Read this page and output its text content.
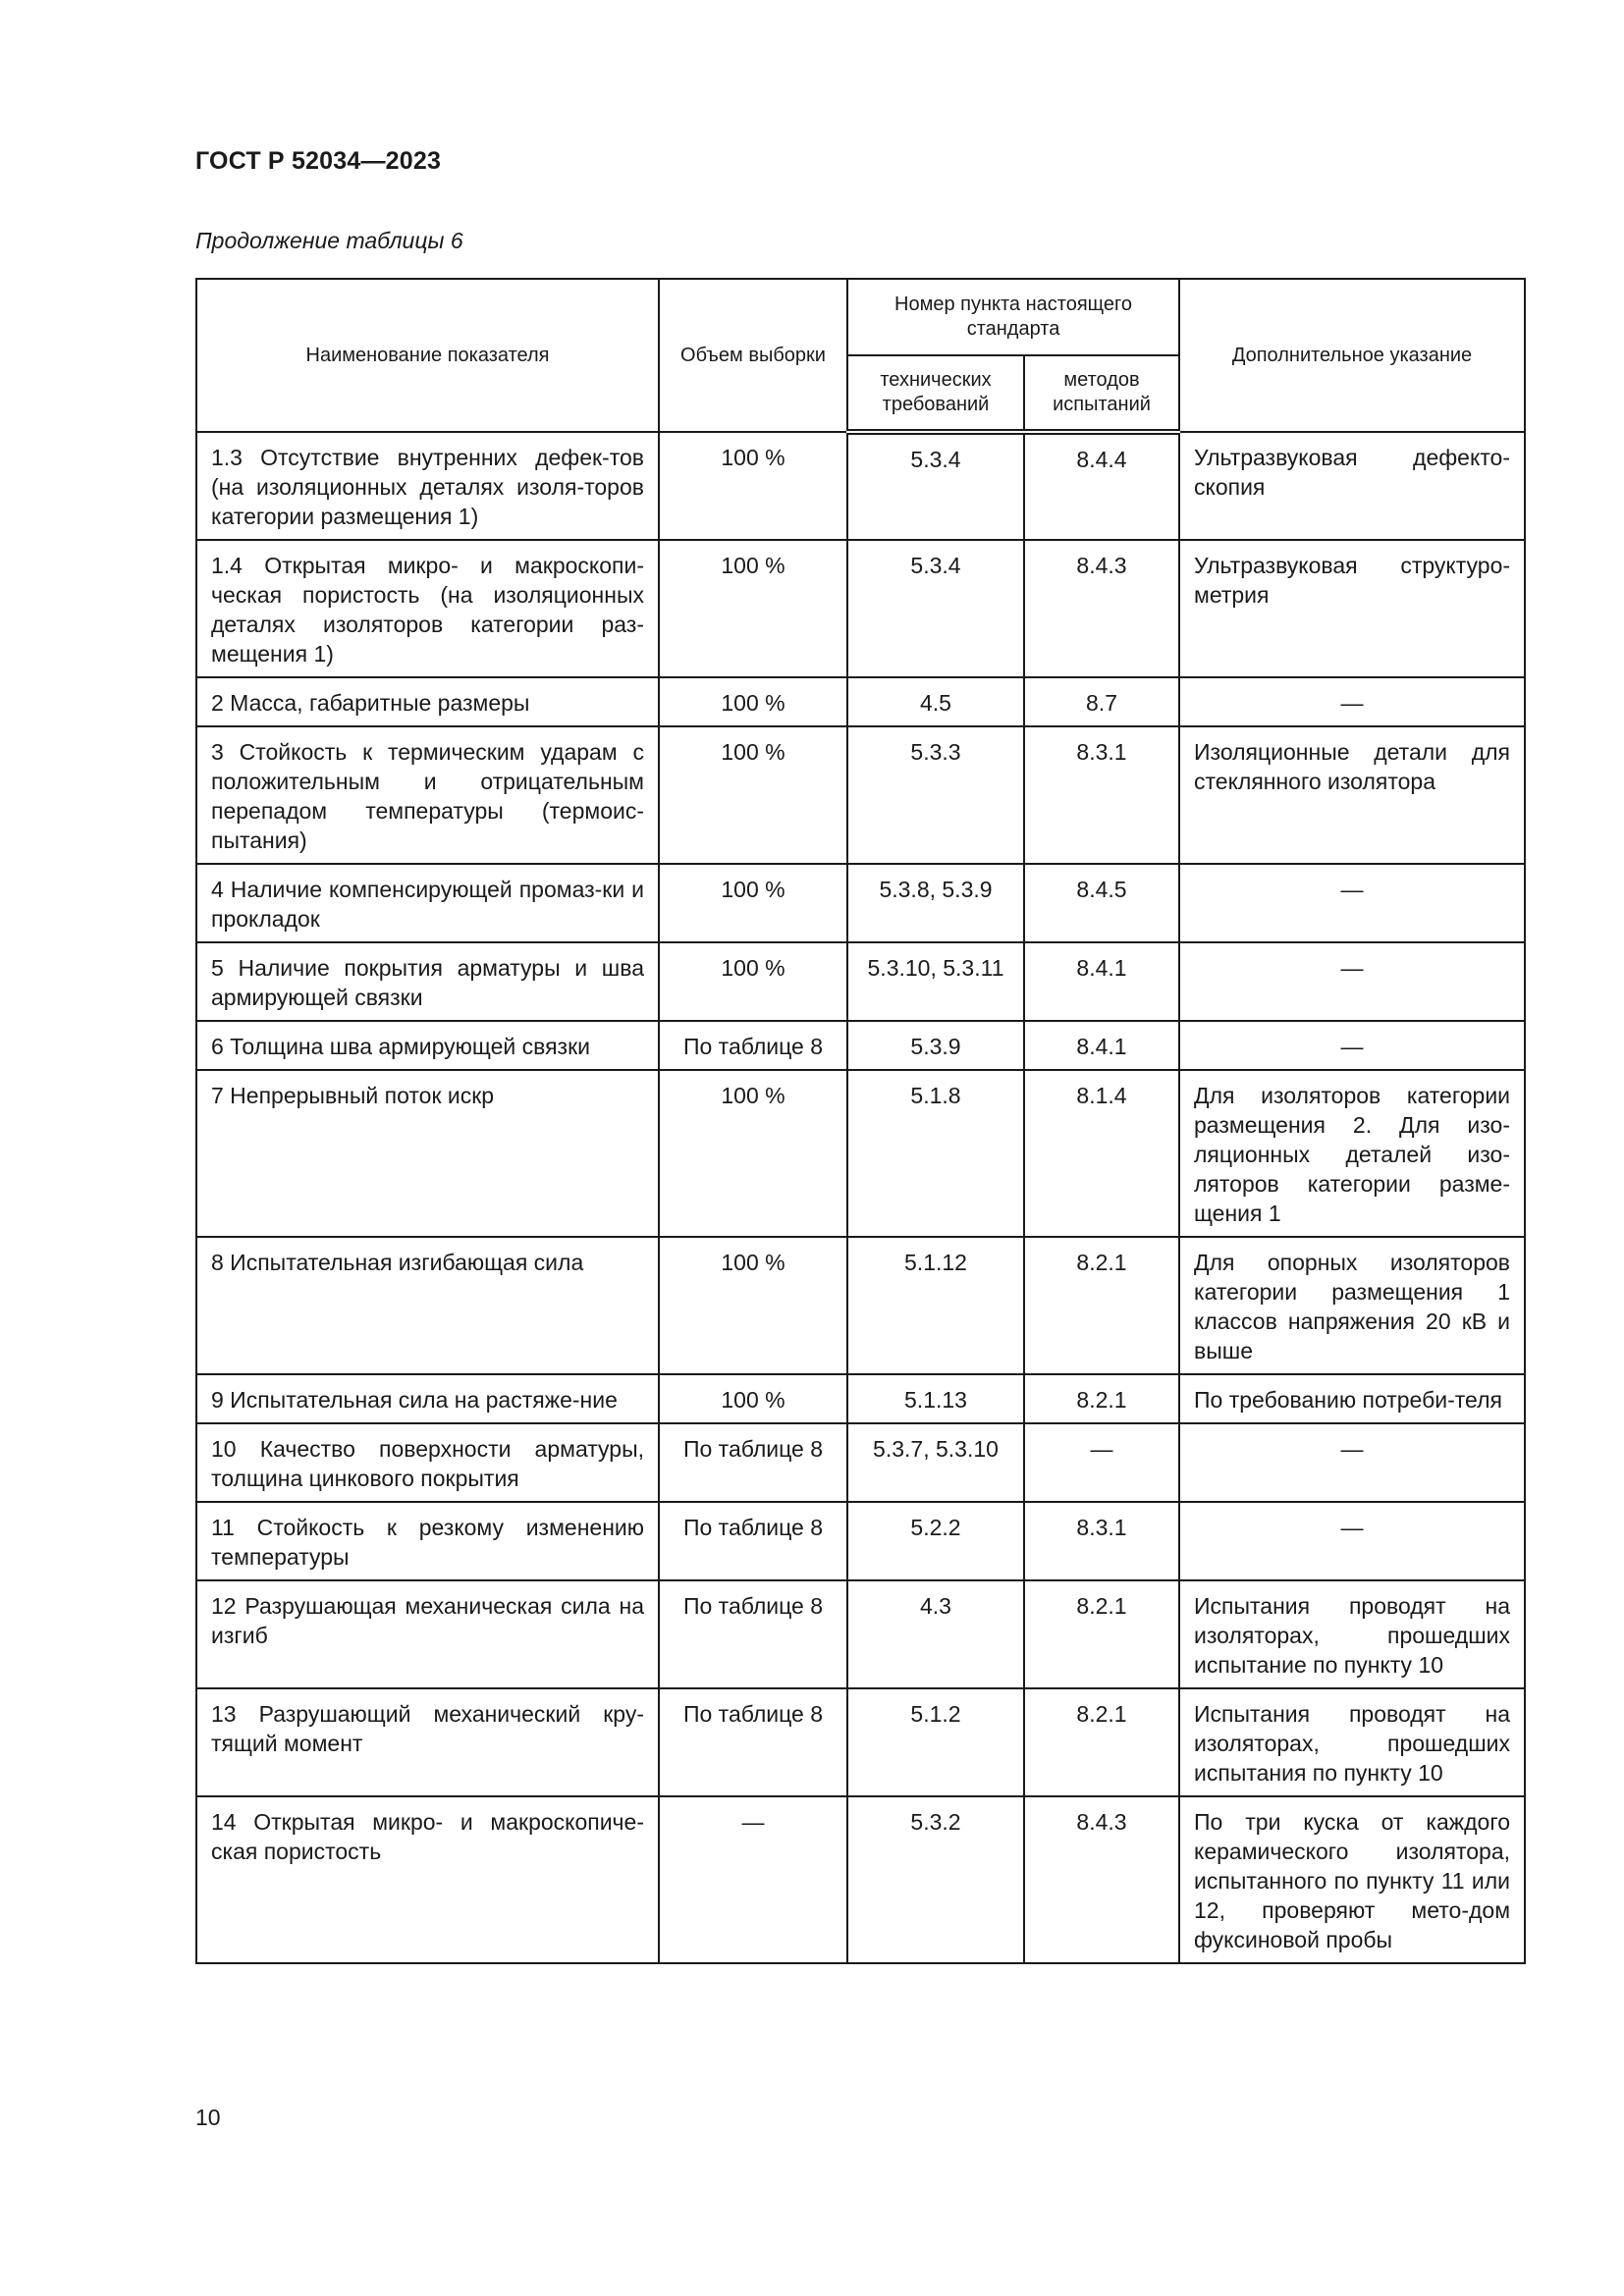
ГОСТ Р 52034—2023
Продолжение таблицы 6
Наименование показателя	Объем выборки	Номер пункта настоящего стандарта		Дополнительное указание
		технических требований	методов испытаний	
1.3 Отсутствие внутренних дефек-тов (на изоляционных деталях изоля-торов категории размещения 1)	100 %	5.3.4	8.4.4	Ультразвуковая дефекто-скопия
1.4 Открытая микро- и макроскопи-ческая пористость (на изоляционных деталях изоляторов категории раз-мещения 1)	100 %	5.3.4	8.4.3	Ультразвуковая структуро-метрия
2 Масса, габаритные размеры	100 %	4.5	8.7	—
3 Стойкость к термическим ударам с положительным и отрицательным перепадом температуры (термоис-пытания)	100 %	5.3.3	8.3.1	Изоляционные детали для стеклянного изолятора
4 Наличие компенсирующей промаз-ки и прокладок	100 %	5.3.8, 5.3.9	8.4.5	—
5 Наличие покрытия арматуры и шва армирующей связки	100 %	5.3.10, 5.3.11	8.4.1	—
6 Толщина шва армирующей связки	По таблице 8	5.3.9	8.4.1	—
7 Непрерывный поток искр	100 %	5.1.8	8.1.4	Для изоляторов категории размещения 2. Для изо-ляционных деталей изо-ляторов категории разме-щения 1
8 Испытательная изгибающая сила	100 %	5.1.12	8.2.1	Для опорных изоляторов категории размещения 1 классов напряжения 20 кВ и выше
9 Испытательная сила на растяже-ние	100 %	5.1.13	8.2.1	По требованию потреби-теля
10 Качество поверхности арматуры, толщина цинкового покрытия	По таблице 8	5.3.7, 5.3.10	—	—
11 Стойкость к резкому изменению температуры	По таблице 8	5.2.2	8.3.1	—
12 Разрушающая механическая сила на изгиб	По таблице 8	4.3	8.2.1	Испытания проводят на изоляторах, прошедших испытание по пункту 10
13 Разрушающий механический кру-тящий момент	По таблице 8	5.1.2	8.2.1	Испытания проводят на изоляторах, прошедших испытания по пункту 10
14 Открытая микро- и макроскопиче-ская пористость	—	5.3.2	8.4.3	По три куска от каждого керамического изолятора, испытанного по пункту 11 или 12, проверяют мето-дом фуксиновой пробы
10
